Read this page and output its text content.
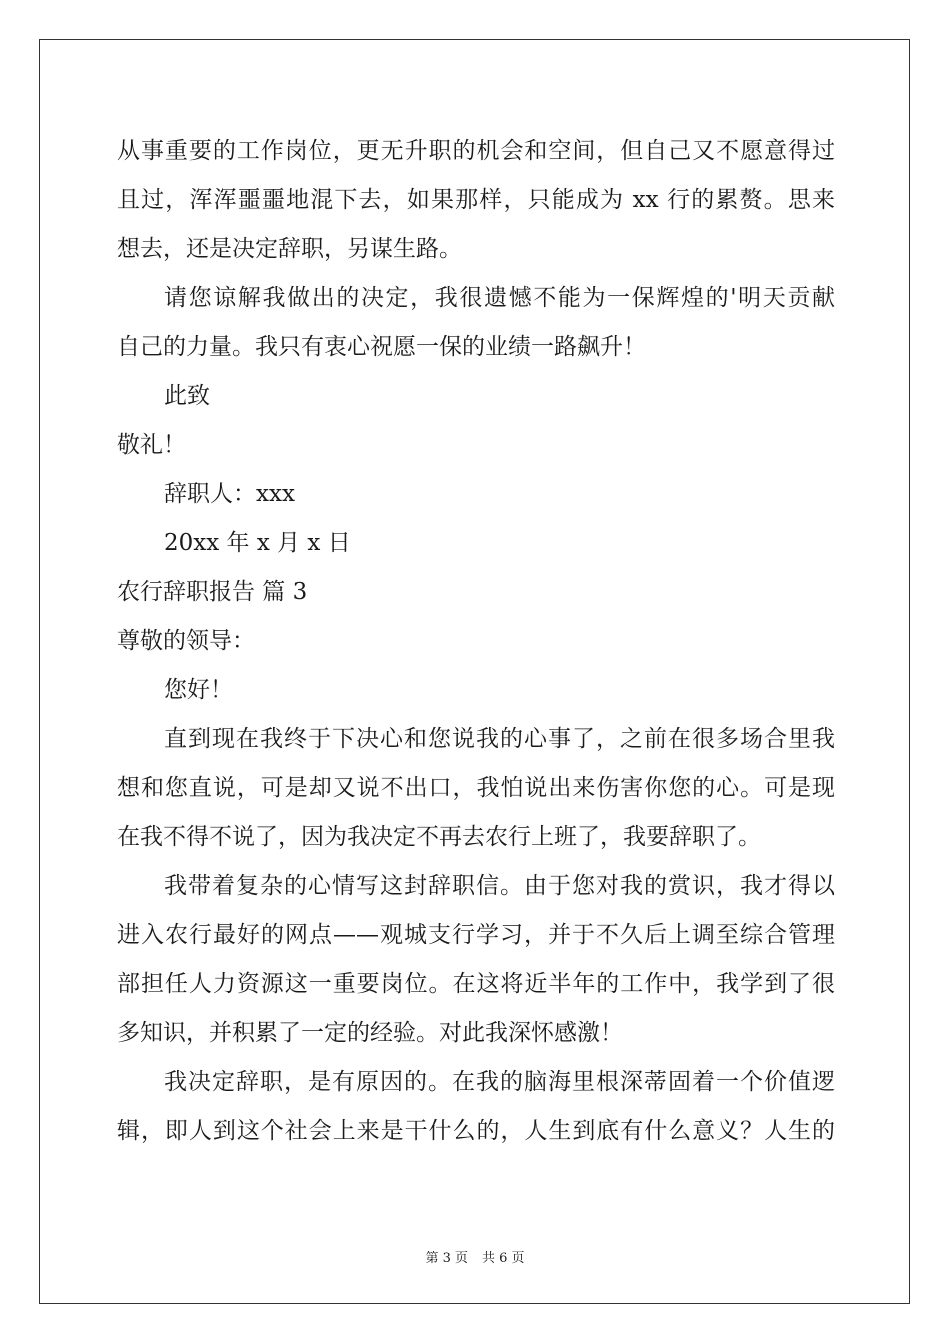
从事重要的工作岗位，更无升职的机会和空间，但自己又不愿意得过
且过，浑浑噩噩地混下去，如果那样，只能成为 xx 行的累赘。思来
想去，还是决定辞职，另谋生路。
请您谅解我做出的决定，我很遗憾不能为一保辉煌的'明天贡献
自己的力量。我只有衷心祝愿一保的业绩一路飙升！
此致
敬礼！
辞职人：xxx
20xx 年 x 月 x 日
农行辞职报告 篇 3
尊敬的领导：
您好！
直到现在我终于下决心和您说我的心事了，之前在很多场合里我
想和您直说，可是却又说不出口，我怕说出来伤害你您的心。可是现
在我不得不说了，因为我决定不再去农行上班了，我要辞职了。
我带着复杂的心情写这封辞职信。由于您对我的赏识，我才得以
进入农行最好的网点——观城支行学习，并于不久后上调至综合管理
部担任人力资源这一重要岗位。在这将近半年的工作中，我学到了很
多知识，并积累了一定的经验。对此我深怀感激！
我决定辞职，是有原因的。在我的脑海里根深蒂固着一个价值逻
辑，即人到这个社会上来是干什么的，人生到底有什么意义？人生的
第 3 页 共 6 页
